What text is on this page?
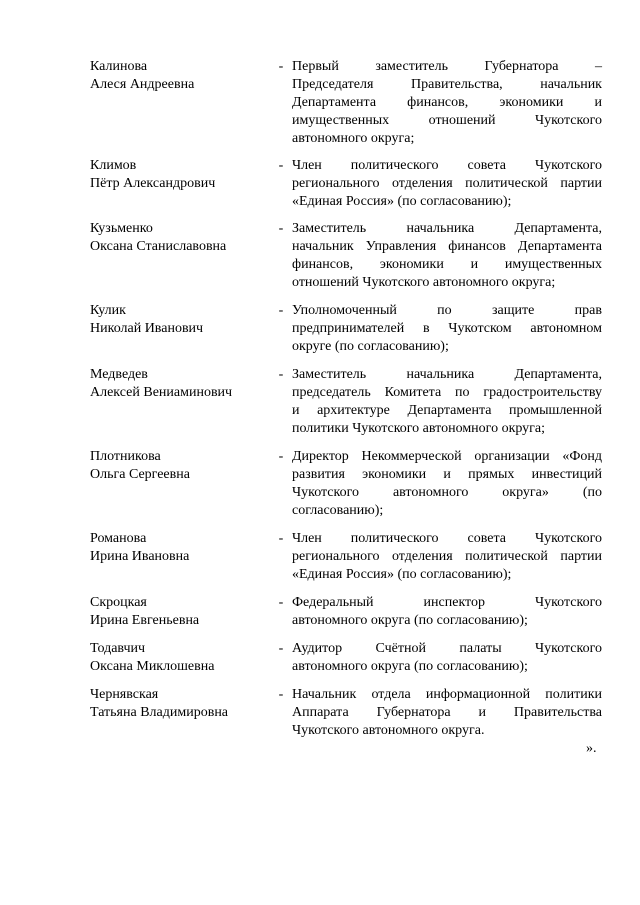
Калинова
Алеся Андреевна
- Первый заместитель Губернатора –
Председателя Правительства, начальник
Департамента финансов, экономики и
имущественных отношений Чукотского
автономного округа;
Климов
Пётр Александрович
- Член политического совета Чукотского
регионального отделения политической партии
«Единая Россия» (по согласованию);
Кузьменко
Оксана Станиславовна
- Заместитель начальника Департамента,
начальник Управления финансов Департамента
финансов, экономики и имущественных
отношений Чукотского автономного округа;
Кулик
Николай Иванович
- Уполномоченный по защите прав
предпринимателей в Чукотском автономном
округе (по согласованию);
Медведев
Алексей Вениаминович
- Заместитель начальника Департамента,
председатель Комитета по градостроительству
и архитектуре Департамента промышленной
политики Чукотского автономного округа;
Плотникова
Ольга Сергеевна
- Директор Некоммерческой организации «Фонд
развития экономики и прямых инвестиций
Чукотского автономного округа» (по
согласованию);
Романова
Ирина Ивановна
- Член политического совета Чукотского
регионального отделения политической партии
«Единая Россия» (по согласованию);
Скроцкая
Ирина Евгеньевна
- Федеральный инспектор Чукотского
автономного округа (по согласованию);
Тодавчич
Оксана Миклошевна
- Аудитор Счётной палаты Чукотского
автономного округа (по согласованию);
Чернявская
Татьяна Владимировна
- Начальник отдела информационной политики
Аппарата Губернатора и Правительства
Чукотского автономного округа.
».
